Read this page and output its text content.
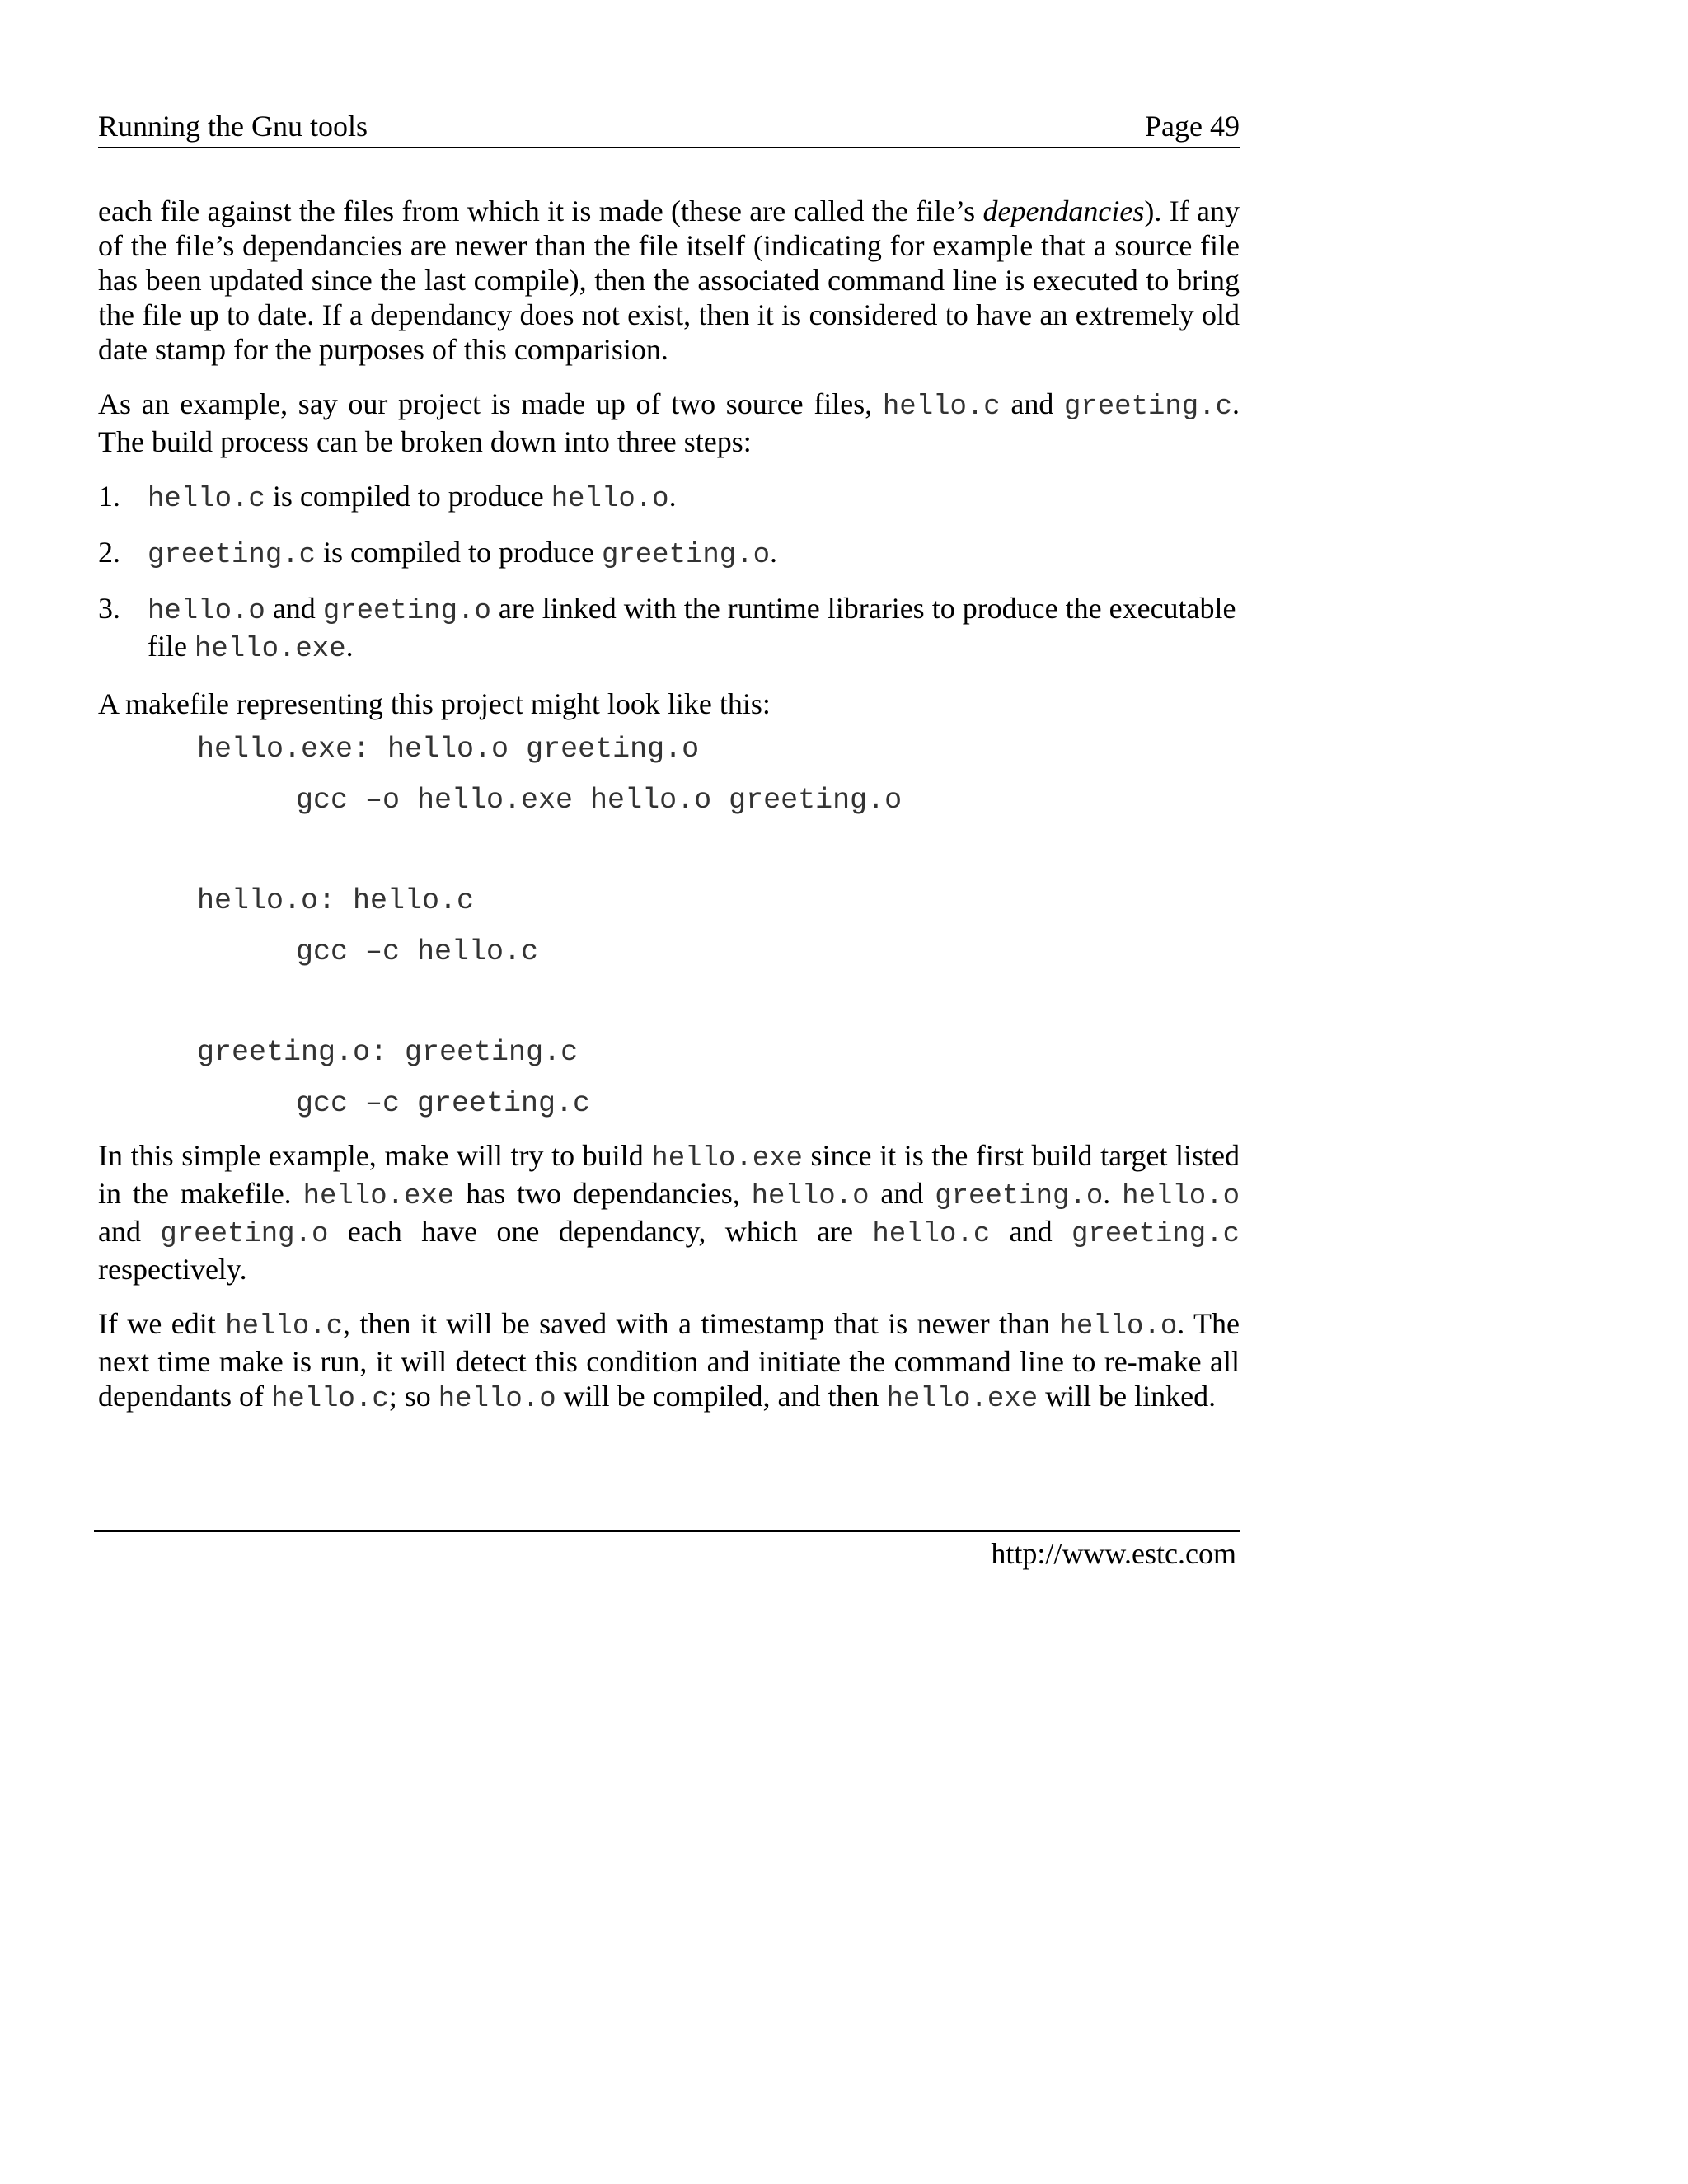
Running the Gnu tools	Page 49

each file against the files from which it is made (these are called the file’s dependancies). If any of the file’s dependancies are newer than the file itself (indicating for example that a source file has been updated since the last compile), then the associated command line is executed to bring the file up to date. If a dependancy does not exist, then it is considered to have an extremely old date stamp for the purposes of this comparision.

As an example, say our project is made up of two source files, hello.c and greeting.c. The build process can be broken down into three steps:

1. hello.c is compiled to produce hello.o.
2. greeting.c is compiled to produce greeting.o.
3. hello.o and greeting.o are linked with the runtime libraries to produce the executable file hello.exe.

A makefile representing this project might look like this:

hello.exe: hello.o greeting.o
gcc –o hello.exe hello.o greeting.o
hello.o: hello.c
gcc –c hello.c
greeting.o: greeting.c
gcc –c greeting.c

In this simple example, make will try to build hello.exe since it is the first build target listed in the makefile. hello.exe has two dependancies, hello.o and greeting.o. hello.o and greeting.o each have one dependancy, which are hello.c and greeting.c respectively.

If we edit hello.c, then it will be saved with a timestamp that is newer than hello.o. The next time make is run, it will detect this condition and initiate the command line to re-make all dependants of hello.c; so hello.o will be compiled, and then hello.exe will be linked.

http://www.estc.com
